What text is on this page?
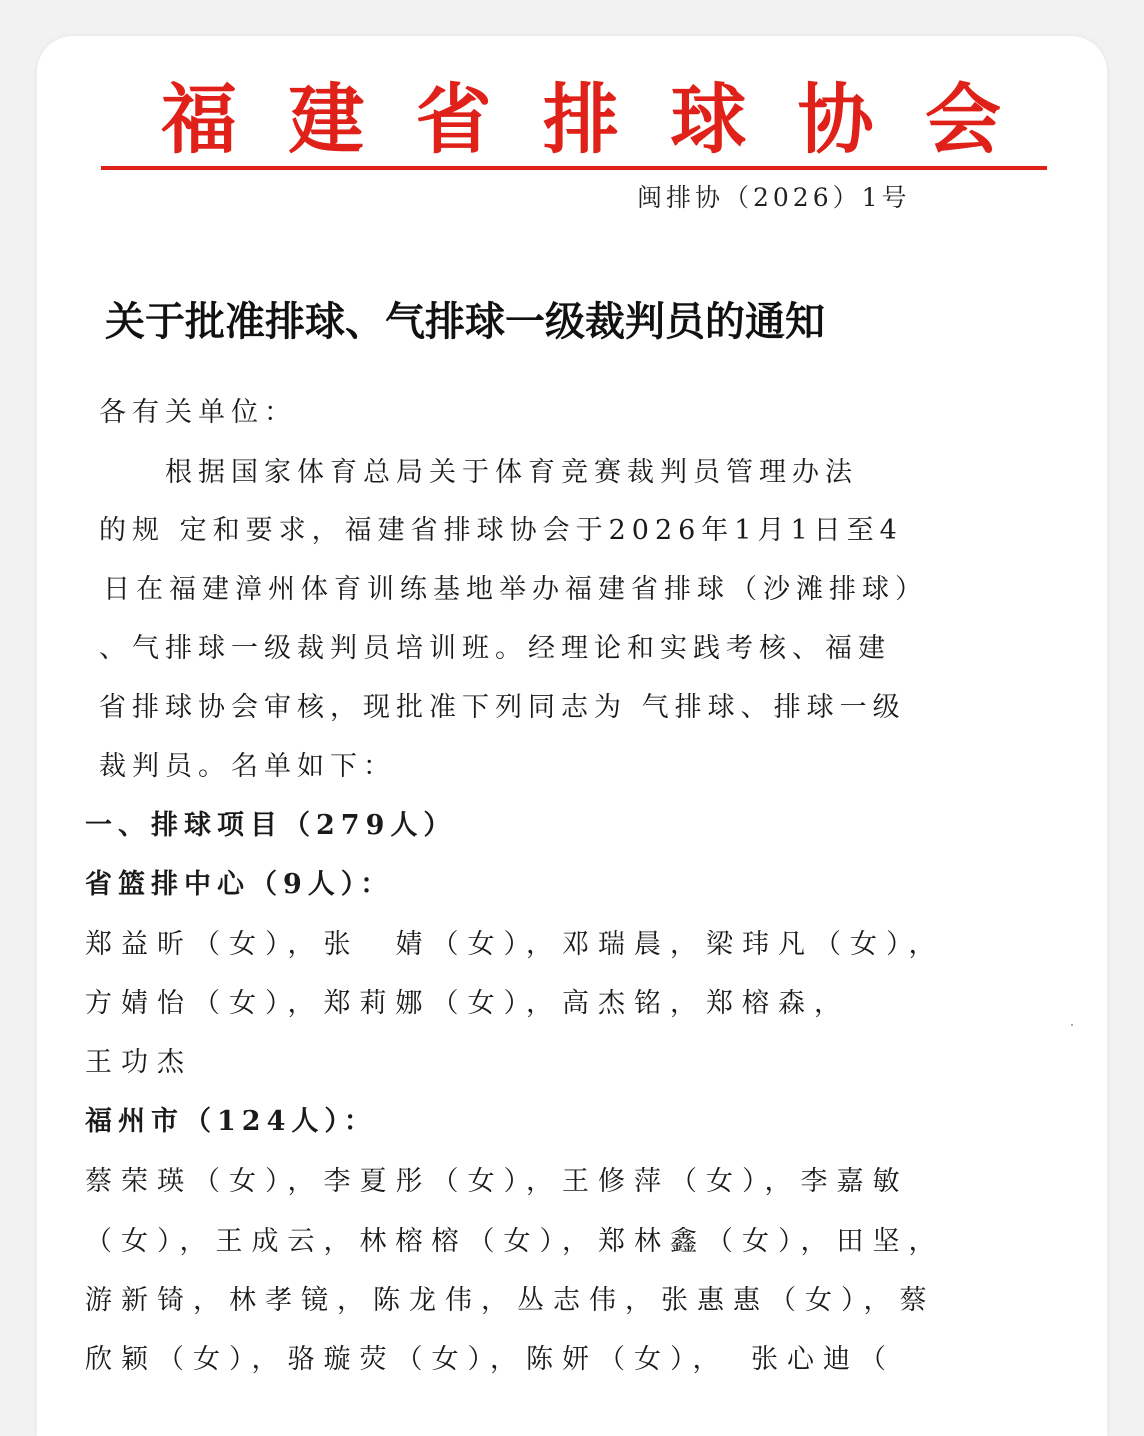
福 建 省 排 球 协 会
闽排协（2026）1号
关于批准排球、气排球一级裁判员的通知
各有关单位：
根据国家体育总局关于体育竞赛裁判员管理办法
的规 定和要求，福建省排球协会于2026年1月1日至4
日在福建漳州体育训练基地举办福建省排球（沙滩排球）
、气排球一级裁判员培训班。经理论和实践考核、福建
省排球协会审核，现批准下列同志为 气排球、排球一级
裁判员。名单如下：
一、排球项目（279人）
省篮排中心（9人）：
郑益昕（女），张　婧（女），邓瑞晨，梁玮凡（女），
方婧怡（女），郑莉娜（女），高杰铭，郑榕森，
王功杰
福州市（124人）：
蔡荣瑛（女），李夏彤（女），王修萍（女），李嘉敏
（女），王成云，林榕榕（女），郑林鑫（女），田坚，
游新锜，林孝镜，陈龙伟，丛志伟，张惠惠（女），蔡
欣颖（女），骆璇荧（女），陈妍（女），　张心迪（
